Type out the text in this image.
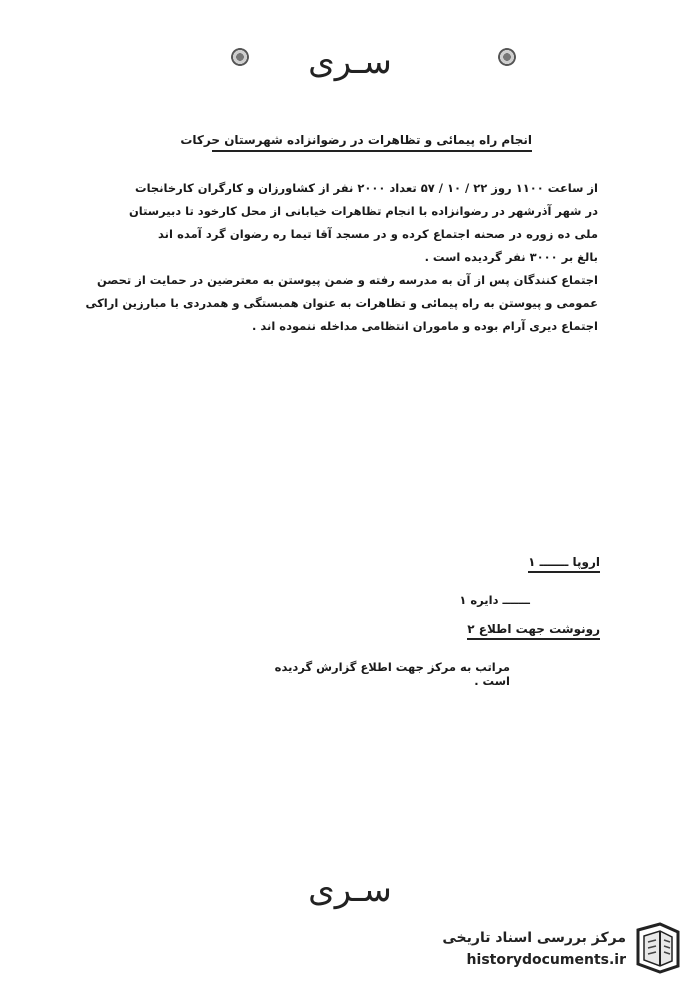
سـری
انجام راه پیمائی و تظاهرات در رضوانزاده شهرستان حرکات
از ساعت ۱۱۰۰ روز ۲۲ / ۱۰ / ۵۷ تعداد ۲۰۰۰ نفر از کشاورزان و کارگران کارخانجات
در شهر آذرشهر در رضوانزاده با انجام تظاهرات خیابانی از محل کارخود تا دبیرستان
ملی ده زوره در صحنه اجتماع کرده و در مسجد آقا تیما ره رضوان گرد آمده اند
بالغ بر ۳۰۰۰ نفر گردیده است .
اجتماع کنندگان پس از آن به مدرسه رفته و ضمن پیوستن به معترضین در حمایت از تحصن
عمومی و پیوستن به راه پیمائی و تظاهرات به عنوان همبستگی و همدردی با مبارزین اراکی
اجتماع دیری آرام بوده و ماموران انتظامی مداخله ننموده اند .
اروپا ـــــــ ۱
ـــــــ دایره ۱
رونوشت جهت اطلاع ۲
مراتب به مرکز جهت اطلاع گزارش گردیده است .
سـری
مرکز بررسی اسناد تاریخی
historydocuments.ir
